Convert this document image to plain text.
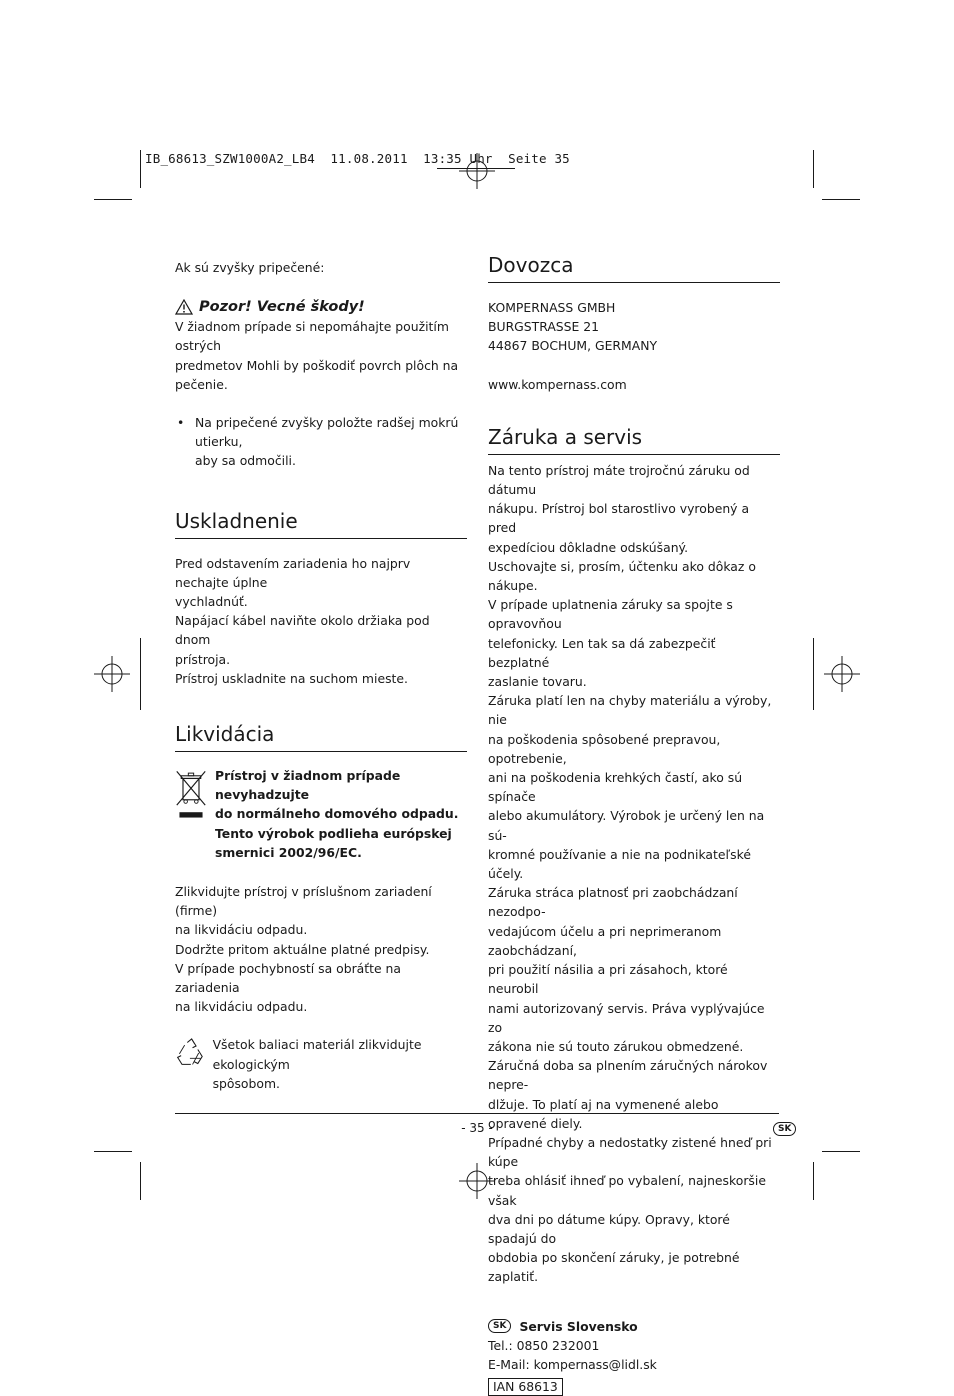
IB_68613_SZW1000A2_LB4  11.08.2011  13:35 Uhr  Seite 35

Ak sú zvyšky pripečené:

Pozor! Vecné škody!

V žiadnom prípade si nepomáhajte použitím ostrých

predmetov Mohli by poškodiť povrch plôch na

pečenie.

• Na pripečené zvyšky položte radšej mokrú utierku,
aby sa odmočili.
Uskladnenie

Pred odstavením zariadenia ho najprv nechajte úplne

vychladnúť.

Napájací kábel naviňte okolo držiaka pod dnom

prístroja.

Prístroj uskladnite na suchom mieste.

Likvidácia

Prístroj v žiadnom prípade nevyhadzujte

do normálneho domového odpadu.

Tento výrobok podlieha európskej

smernici 2002/96/EC.

Zlikvidujte prístroj v príslušnom zariadení (firme)

na likvidáciu odpadu.

Dodržte pritom aktuálne platné predpisy.

V prípade pochybností sa obráťte na zariadenia

na likvidáciu odpadu.

Všetok baliaci materiál zlikvidujte ekologickým

spôsobom.

Dovozca

KOMPERNASS GMBH

BURGSTRASSE 21

44867 BOCHUM, GERMANY

www.kompernass.com

Záruka a servis

Na tento prístroj máte trojročnú záruku od dátumu

nákupu. Prístroj bol starostlivo vyrobený a pred

expedíciou dôkladne odskúšaný.

Uschovajte si, prosím, účtenku ako dôkaz o nákupe.

V prípade uplatnenia záruky sa spojte s opravovňou

telefonicky. Len tak sa dá zabezpečiť bezplatné

zaslanie tovaru.

Záruka platí len na chyby materiálu a výroby, nie

na poškodenia spôsobené prepravou, opotrebenie,

ani na poškodenia krehkých častí, ako sú spínače

alebo akumulátory. Výrobok je určený len na sú-

kromné používanie a nie na podnikateľské účely.

Záruka stráca platnosť pri zaobchádzaní nezodpo-

vedajúcom účelu a pri neprimeranom zaobchádzaní,

pri použití násilia a pri zásahoch, ktoré neurobil

nami autorizovaný servis. Práva vyplývajúce zo

zákona nie sú touto zárukou obmedzené.

Záručná doba sa plnením záručných nárokov nepre-

dlžuje. To platí aj na vymenené alebo opravené diely.

Prípadné chyby a nedostatky zistené hneď pri kúpe

treba ohlásiť ihneď po vybalení, najneskoršie však

dva dni po dátume kúpy. Opravy, ktoré spadajú do

obdobia po skončení záruky, je potrebné zaplatiť.

SK	Servis Slovensko

Tel.: 0850 232001

E-Mail: kompernass@lidl.sk

IAN 68613
- 35 -	SK
